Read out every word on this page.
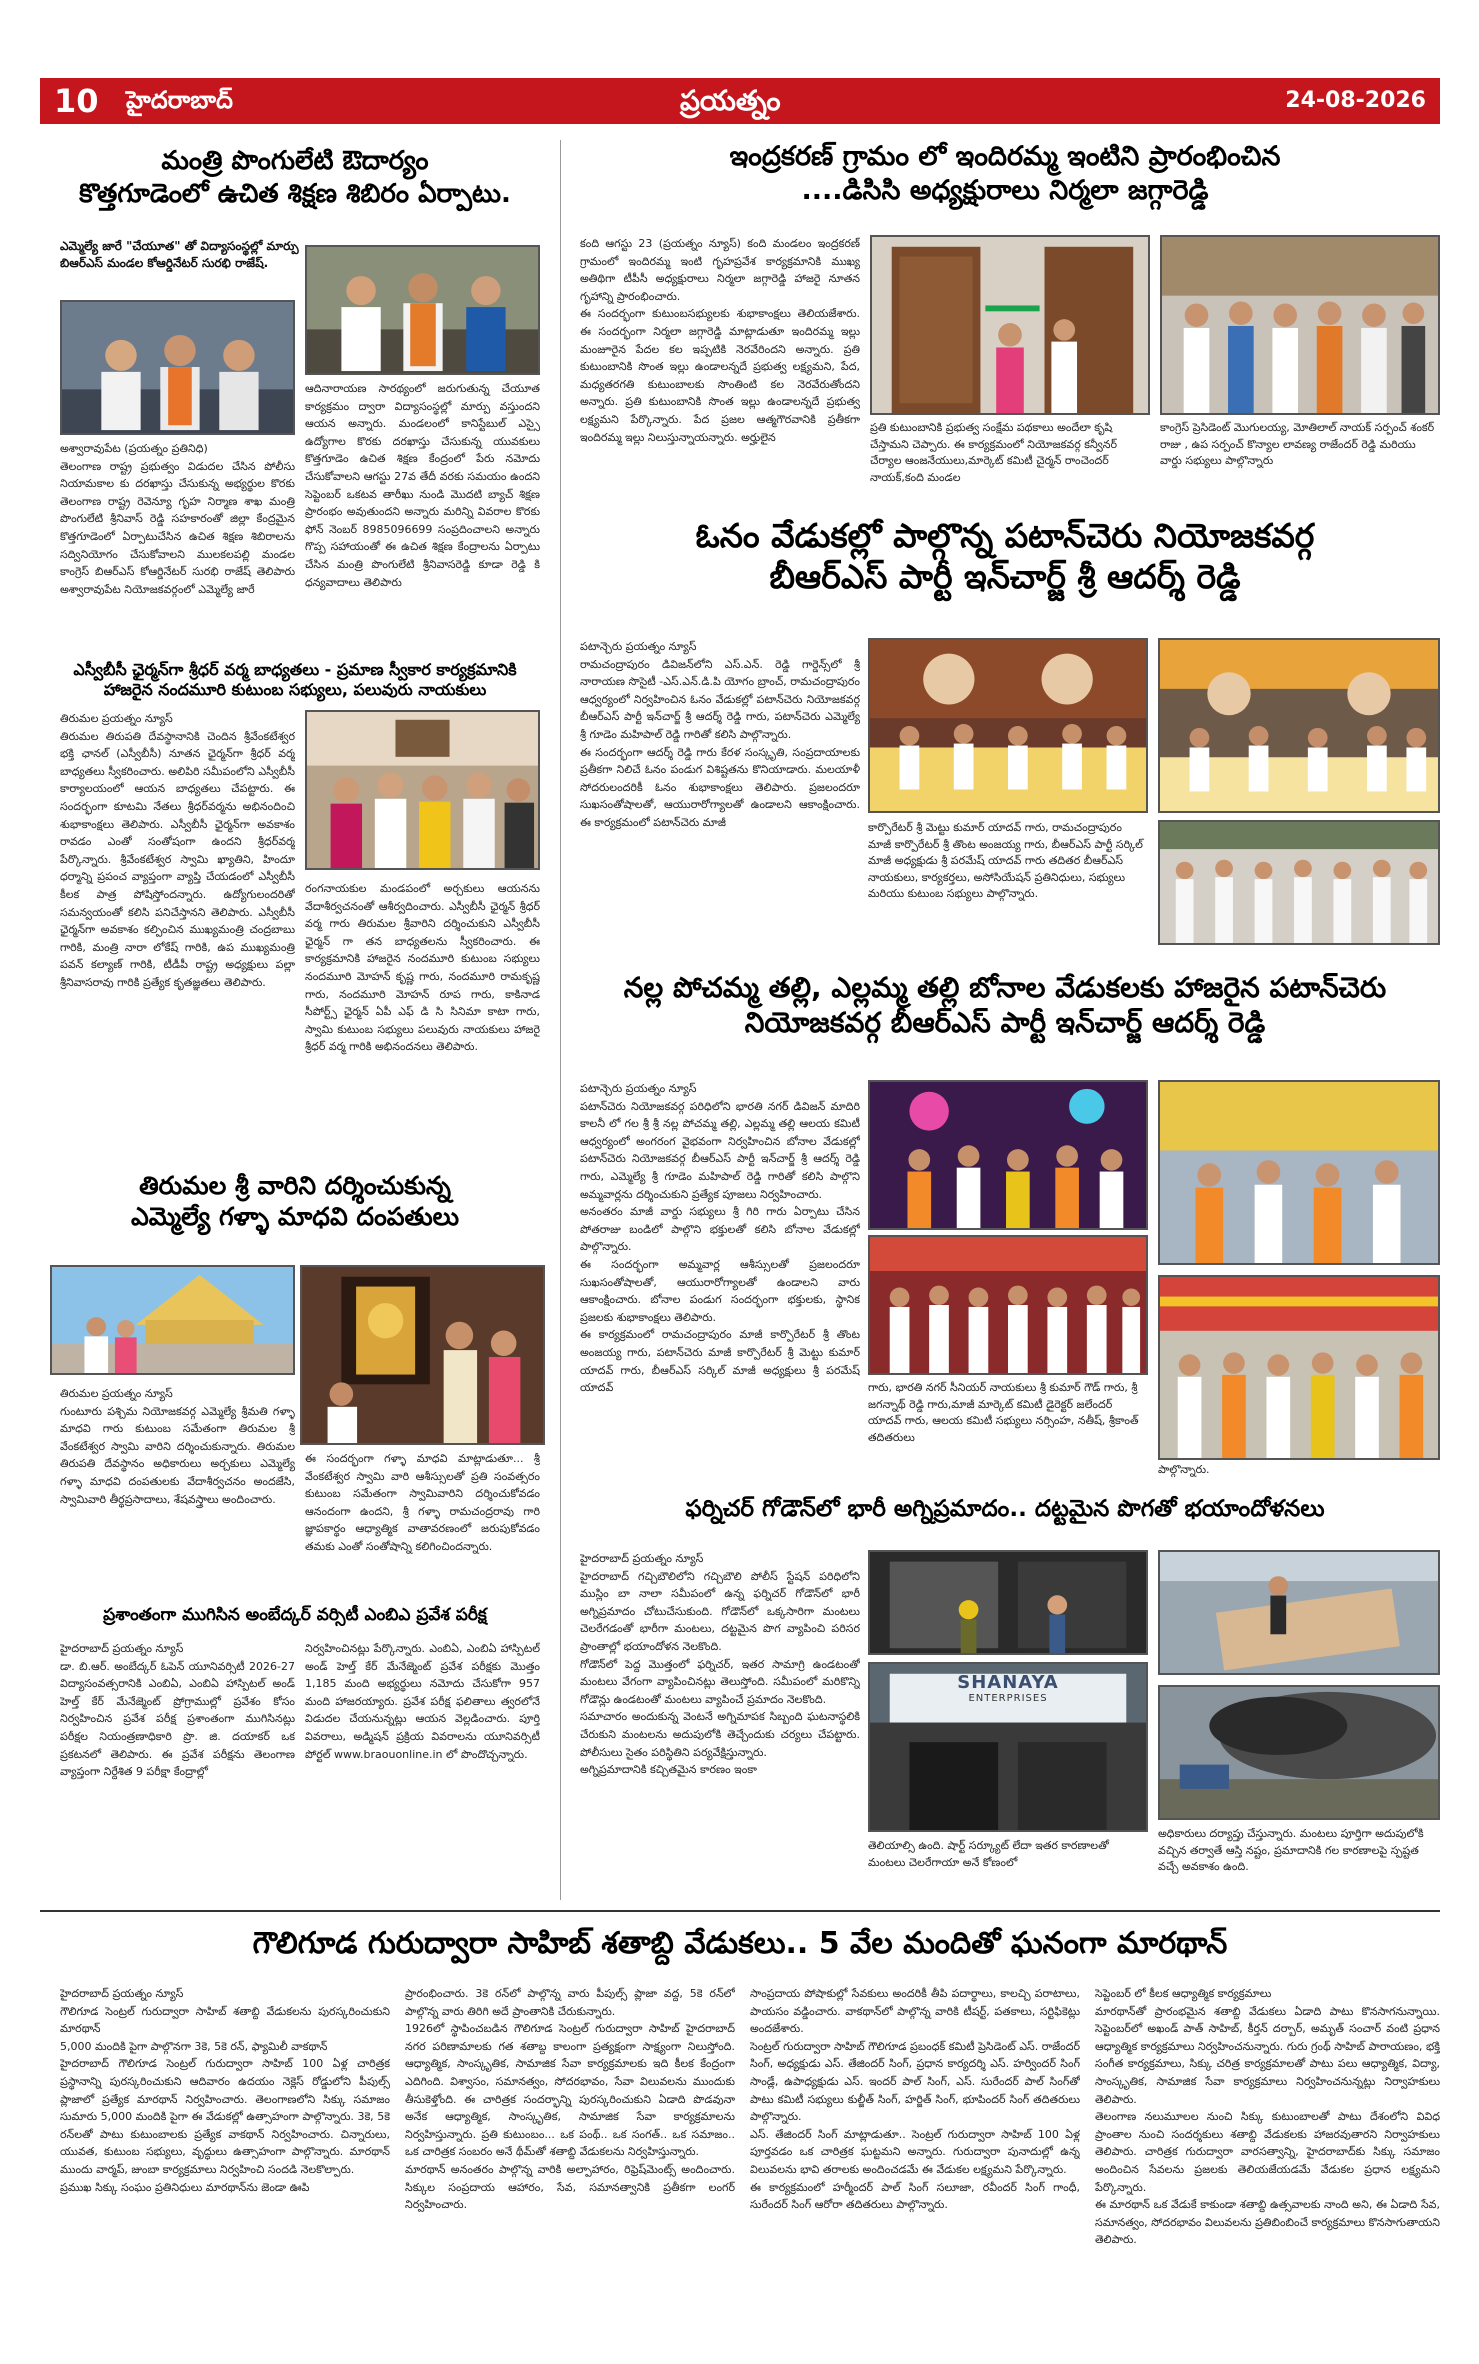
10 హైదరాబాద్	ప్రయత్నం	24-08-2026
మంత్రి పొంగులేటి ఔదార్యం
కొత్తగూడెంలో ఉచిత శిక్షణ శిబిరం ఏర్పాటు.
ఎమ్మెల్యే జారే "చేయూత" తో విద్యాసంస్థల్లో మార్పు
బిఆర్ఎస్ మండల కోఆర్డినేటర్ సురభి రాజేష్.
అశ్వారావుపేట (ప్రయత్నం ప్రతినిధి)
తెలంగాణ రాష్ట్ర ప్రభుత్వం విడుదల చేసిన పోలీసు నియామకాల కు దరఖాస్తు చేసుకున్న అభ్యర్థుల కొరకు తెలంగాణ రాష్ట్ర రెవెన్యూ గృహ నిర్మాణ శాఖ మంత్రి పొంగులేటి శ్రీనివాస్ రెడ్డి సహకారంతో జిల్లా కేంద్రమైన కొత్తగూడెంలో ఏర్పాటుచేసిన ఉచిత శిక్షణ శిబిరాలను సద్వినియోగం చేసుకోవాలని ములకలపల్లి మండల కాంగ్రెస్ బిఆర్ఎస్ కోఆర్డినేటర్ సురభి రాజేష్ తెలిపారు అశ్వారావుపేట నియోజకవర్గంలో ఎమ్మెల్యే జారే
ఆదినారాయణ సారథ్యంలో జరుగుతున్న చేయూత కార్యక్రమం ద్వారా విద్యాసంస్థల్లో మార్పు వస్తుందని ఆయన అన్నారు. మండలంలో కానిస్టేబుల్ ఎస్సై ఉద్యోగాల కొరకు దరఖాస్తు చేసుకున్న యువకులు కొత్తగూడెం ఉచిత శిక్షణ కేంద్రంలో పేరు నమోదు చేసుకోవాలని ఆగస్టు 27వ తేదీ వరకు సమయం ఉందని సెప్టెంబర్ ఒకటవ తారీఖు నుండి మొదటి బ్యాచ్ శిక్షణ ప్రారంభం అవుతుందని అన్నారు మరిన్ని వివరాల కొరకు ఫోన్ నెంబర్ 8985096699 సంప్రదించాలని అన్నారు గొప్ప సహాయంతో ఈ ఉచిత శిక్షణ కేంద్రాలను ఏర్పాటు చేసిన మంత్రి పొంగులేటి శ్రీనివాసరెడ్డి కూడా రెడ్డి కి ధన్యవాదాలు తెలిపారు
ఎస్వీబీసీ ఛైర్మన్‌గా శ్రీధర్ వర్మ బాధ్యతలు - ప్రమాణ స్వీకార కార్యక్రమానికి
హాజరైన నందమూరి కుటుంబ సభ్యులు, పలువురు నాయకులు
తిరుమల ప్రయత్నం న్యూస్
తిరుమల తిరుపతి దేవస్థానానికి చెందిన శ్రీవేంకటేశ్వర భక్తి ఛానల్ (ఎస్వీబీసీ) నూతన ఛైర్మన్‌గా శ్రీధర్ వర్మ బాధ్యతలు స్వీకరించారు. అలిపిరి సమీపంలోని ఎస్వీబీసీ కార్యాలయంలో ఆయన బాధ్యతలు చేపట్టారు. ఈ సందర్భంగా కూటమి నేతలు శ్రీధర్‌వర్మను అభినందించి శుభాకాంక్షలు తెలిపారు. ఎస్వీబీసీ ఛైర్మన్‌గా అవకాశం రావడం ఎంతో సంతోషంగా ఉందని శ్రీధర్‌వర్మ పేర్కొన్నారు. శ్రీవేంకటేశ్వర స్వామి ఖ్యాతిని, హిందూ ధర్మాన్ని ప్రపంచ వ్యాప్తంగా వ్యాప్తి చేయడంలో ఎస్వీబీసీ కీలక పాత్ర పోషిస్తోందన్నారు. ఉద్యోగులందరితో సమన్వయంతో కలిసి పనిచేస్తానని తెలిపారు. ఎస్వీబీసీ ఛైర్మన్‌గా అవకాశం కల్పించిన ముఖ్యమంత్రి చంద్రబాబు గారికి, మంత్రి నారా లోకేష్ గారికి, ఉప ముఖ్యమంత్రి పవన్ కల్యాణ్ గారికి, టీడీపీ రాష్ట్ర అధ్యక్షులు పల్లా శ్రీనివాసరావు గారికి ప్రత్యేక కృతజ్ఞతలు తెలిపారు.
రంగనాయకుల మండపంలో అర్చకులు ఆయనను వేదాశీర్వచనంతో ఆశీర్వదించారు. ఎస్వీబీసీ ఛైర్మన్ శ్రీధర్ వర్మ గారు తిరుమల శ్రీవారిని దర్శించుకుని ఎస్వీబీసీ ఛైర్మన్ గా తన బాధ్యతలను స్వీకరించారు. ఈ కార్యక్రమానికి హాజరైన నందమూరి కుటుంబ సభ్యులు నందమూరి మోహన్ కృష్ణ గారు, నందమూరి రామకృష్ణ గారు, నందమూరి మోహన్ రూప గారు, కాకినాడ సీపోర్ట్స్ ఛైర్మన్ ఏపీ ఎఫ్ డి సి సినిమా కాటా గారు, స్వామి కుటుంబ సభ్యులు పలువురు నాయకులు హాజరై శ్రీధర్ వర్మ గారికి అభినందనలు తెలిపారు.
తిరుమల శ్రీ వారిని దర్శించుకున్న
ఎమ్మెల్యే గళ్ళా మాధవి దంపతులు
తిరుమల ప్రయత్నం న్యూస్
గుంటూరు పశ్చిమ నియోజకవర్గ ఎమ్మెల్యే శ్రీమతి గళ్ళా మాధవి గారు కుటుంబ సమేతంగా తిరుమల శ్రీ వేంకటేశ్వర స్వామి వారిని దర్శించుకున్నారు. తిరుమల తిరుపతి దేవస్థానం అధికారులు అర్చకులు ఎమ్మెల్యే గళ్ళా మాధవి దంపతులకు వేదాశీర్వచనం అందజేసి, స్వామివారి తీర్థప్రసాదాలు, శేషవస్త్రాలు అందించారు.
ఈ సందర్భంగా గళ్ళా మాధవి మాట్లాడుతూ... శ్రీ వేంకటేశ్వర స్వామి వారి ఆశీస్సులతో ప్రతి సంవత్సరం కుటుంబ సమేతంగా స్వామివారిని దర్శించుకోవడం ఆనందంగా ఉందని, శ్రీ గళ్ళా రామచంద్రరావు గారి జ్ఞాపకార్థం ఆధ్యాత్మిక వాతావరణంలో జరుపుకోవడం తమకు ఎంతో సంతోషాన్ని కలిగించిందన్నారు.
ప్రశాంతంగా ముగిసిన అంబేద్కర్ వర్సిటీ ఎంబిఎ ప్రవేశ పరీక్ష
హైదరాబాద్ ప్రయత్నం న్యూస్
డా. బి.ఆర్. అంబేద్కర్ ఓపెన్ యూనివర్సిటీ 2026-27 విద్యాసంవత్సరానికి ఎంబిఏ, ఎంబిఏ హాస్పిటల్ అండ్ హెల్త్ కేర్ మేనేజ్మెంట్ ప్రోగ్రాముల్లో ప్రవేశం కోసం నిర్వహించిన ప్రవేశ పరీక్ష ప్రశాంతంగా ముగిసినట్లు పరీక్షల నియంత్రణాధికారి ప్రొ. జి. దయాకర్ ఒక ప్రకటనలో తెలిపారు. ఈ ప్రవేశ పరీక్షను తెలంగాణ వ్యాప్తంగా నిర్దేశిత 9 పరీక్షా కేంద్రాల్లో
నిర్వహించినట్లు పేర్కొన్నారు. ఎంబిఏ, ఎంబిఏ హాస్పిటల్ అండ్ హెల్త్ కేర్ మేనేజ్మెంట్ ప్రవేశ పరీక్షకు మొత్తం 1,185 మంది అభ్యర్థులు నమోదు చేసుకోగా 957 మంది హాజరయ్యారు. ప్రవేశ పరీక్ష ఫలితాలు త్వరలోనే విడుదల చేయనున్నట్లు ఆయన వెల్లడించారు. పూర్తి వివరాలు, అడ్మిషన్ ప్రక్రియ వివరాలను యూనివర్సిటీ పోర్టల్ www.braouonline.in లో పొందొచ్చన్నారు.
ఇంద్రకరణ్ గ్రామం లో ఇందిరమ్మ ఇంటిని ప్రారంభించిన
....డిసిసి అధ్యక్షురాలు నిర్మలా జగ్గారెడ్డి
కంది ఆగస్టు 23 (ప్రయత్నం న్యూస్) కంది మండలం ఇంద్రకరణ్ గ్రామంలో ఇందిరమ్మ ఇంటి గృహప్రవేశ కార్యక్రమానికి ముఖ్య అతిథిగా టీపీసీ అధ్యక్షురాలు నిర్మలా జగ్గారెడ్డి హాజరై నూతన గృహాన్ని ప్రారంభించారు.
ఈ సందర్భంగా కుటుంబసభ్యులకు శుభాకాంక్షలు తెలియజేశారు. ఈ సందర్భంగా నిర్మలా జగ్గారెడ్డి మాట్లాడుతూ ఇందిరమ్మ ఇల్లు మంజూరైన పేదల కల ఇప్పటికి నెరవేరిందని అన్నారు. ప్రతి కుటుంబానికి సొంత ఇల్లు ఉండాలన్నదే ప్రభుత్వ లక్ష్యమని, పేద, మధ్యతరగతి కుటుంబాలకు సొంతింటి కల నెరవేరుతోందని అన్నారు. ప్రతి కుటుంబానికి సొంత ఇల్లు ఉండాలన్నదే ప్రభుత్వ లక్ష్యమని పేర్కొన్నారు. పేద ప్రజల ఆత్మగౌరవానికి ప్రతీకగా ఇందిరమ్మ ఇల్లు నిలుస్తున్నాయన్నారు. అర్హులైన
ప్రతి కుటుంబానికి ప్రభుత్వ సంక్షేమ పథకాలు అందేలా కృషి చేస్తామని చెప్పారు. ఈ కార్యక్రమంలో నియోజకవర్గ కన్వీనర్ చేర్యాల ఆంజనేయులు,మార్కెట్ కమిటీ చైర్మన్ రాంచెందర్ నాయక్,కంది మండల
కాంగ్రెస్ ప్రెసిడెంట్ మొగులయ్య, మోతిలాల్ నాయక్ సర్పంచ్ శంకర్ రాజు , ఉప సర్పంచ్ కొన్యాల లావణ్య రాజేందర్ రెడ్డి మరియు వార్డు సభ్యులు పాల్గొన్నారు
ఓనం వేడుకల్లో పాల్గొన్న పటాన్‌చెరు నియోజకవర్గ
బీఆర్ఎస్ పార్టీ ఇన్‌చార్జ్ శ్రీ ఆదర్శ్ రెడ్డి
పటాన్చెరు ప్రయత్నం న్యూస్
రామచంద్రాపురం డివిజన్‌లోని ఎస్.ఎన్. రెడ్డి గార్డెన్స్‌లో శ్రీ నారాయణ సొసైటీ -ఎస్.ఎన్.డి.పి యోగం బ్రాంచ్, రామచంద్రాపురం ఆధ్వర్యంలో నిర్వహించిన ఓనం వేడుకల్లో పటాన్‌చెరు నియోజకవర్గ బీఆర్ఎస్ పార్టీ ఇన్‌చార్జ్ శ్రీ ఆదర్శ్ రెడ్డి గారు, పటాన్‌చెరు ఎమ్మెల్యే శ్రీ గూడెం మహిపాల్ రెడ్డి గారితో కలిసి పాల్గొన్నారు.
ఈ సందర్భంగా ఆదర్శ్ రెడ్డి గారు కేరళ సంస్కృతి, సంప్రదాయాలకు ప్రతీకగా నిలిచే ఓనం పండుగ విశిష్టతను కొనియాడారు. మలయాళీ సోదరులందరికీ ఓనం శుభాకాంక్షలు తెలిపారు. ప్రజలందరూ సుఖసంతోషాలతో, ఆయురారోగ్యాలతో ఉండాలని ఆకాంక్షించారు. ఈ కార్యక్రమంలో పటాన్‌చెరు మాజీ	కార్పొరేటర్ శ్రీ మెట్టు కుమార్ యాదవ్ గారు, రామచంద్రాపురం మాజీ కార్పొరేటర్ శ్రీ తొంట అంజయ్య గారు, బీఆర్ఎస్ పార్టీ సర్కిల్ మాజీ అధ్యక్షుడు శ్రీ పరమేష్ యాదవ్ గారు తదితర బీఆర్ఎస్ నాయకులు, కార్యకర్తలు, అసోసియేషన్ ప్రతినిధులు, సభ్యులు మరియు కుటుంబ సభ్యులు పాల్గొన్నారు.
నల్ల పోచమ్మ తల్లి, ఎల్లమ్మ తల్లి బోనాల వేడుకలకు హాజరైన పటాన్‌చెరు
నియోజకవర్గ బీఆర్ఎస్ పార్టీ ఇన్‌చార్జ్ ఆదర్శ్ రెడ్డి
పటాన్చెరు ప్రయత్నం న్యూస్
పటాన్‌చెరు నియోజకవర్గ పరిధిలోని భారతి నగర్ డివిజన్ మాదిరి కాలనీ లో గల శ్రీ శ్రీ నల్ల పోచమ్మ తల్లి, ఎల్లమ్మ తల్లి ఆలయ కమిటీ ఆధ్వర్యంలో అంగరంగ వైభవంగా నిర్వహించిన బోనాల వేడుకల్లో పటాన్‌చెరు నియోజకవర్గ బీఆర్ఎస్ పార్టీ ఇన్‌చార్జ్ శ్రీ ఆదర్శ్ రెడ్డి గారు, ఎమ్మెల్యే శ్రీ గూడెం మహిపాల్ రెడ్డి గారితో కలిసి పాల్గొని అమ్మవార్లను దర్శించుకుని ప్రత్యేక పూజలు నిర్వహించారు.
అనంతరం మాజీ వార్డు సభ్యులు శ్రీ గిరి గారు ఏర్పాటు చేసిన పోతరాజు బండిలో పాల్గొని భక్తులతో కలిసి బోనాల వేడుకల్లో పాల్గొన్నారు.
ఈ సందర్భంగా అమ్మవార్ల ఆశీస్సులతో ప్రజలందరూ సుఖసంతోషాలతో, ఆయురారోగ్యాలతో ఉండాలని వారు ఆకాంక్షించారు. బోనాల పండుగ సందర్భంగా భక్తులకు, స్థానిక ప్రజలకు శుభాకాంక్షలు తెలిపారు.
ఈ కార్యక్రమంలో రామచంద్రాపురం మాజీ కార్పొరేటర్ శ్రీ తొంట అంజయ్య గారు, పటాన్‌చెరు మాజీ కార్పొరేటర్ శ్రీ మెట్టు కుమార్ యాదవ్ గారు, బీఆర్ఎస్ సర్కిల్ మాజీ అధ్యక్షులు శ్రీ పరమేష్ యాదవ్	గారు, భారతి నగర్ సీనియర్ నాయకులు శ్రీ కుమార్ గౌడ్ గారు, శ్రీ జగన్నాథ్ రెడ్డి గారు,మాజీ మార్కెట్ కమిటీ డైరెక్టర్ జలేందర్ యాదవ్ గారు, ఆలయ కమిటీ సభ్యులు నర్సింహ, నతీష్, శ్రీకాంత్ తదితరులు
పాల్గొన్నారు.
ఫర్నిచర్ గోడౌన్‌లో భారీ అగ్నిప్రమాదం.. దట్టమైన పొగతో భయాందోళనలు
హైదరాబాద్ ప్రయత్నం న్యూస్
హైదరాబాద్ గచ్చిబౌలిలోని గచ్చిబౌలి పోలీస్ స్టేషన్ పరిధిలోని ముస్లిం బా నాలా సమీపంలో ఉన్న ఫర్నిచర్ గోడౌన్‌లో భారీ అగ్నిప్రమాదం చోటుచేసుకుంది. గోడౌన్‌లో ఒక్కసారిగా మంటలు చెలరేగడంతో భారీగా మంటలు, దట్టమైన పొగ వ్యాపించి పరిసర ప్రాంతాల్లో భయాందోళన నెలకొంది.
గోడౌన్‌లో పెద్ద మొత్తంలో ఫర్నిచర్, ఇతర సామాగ్రి ఉండటంతో మంటలు వేగంగా వ్యాపించినట్లు తెలుస్తోంది. సమీపంలో మరికొన్ని గోడౌన్లు ఉండటంతో మంటలు వ్యాపించే ప్రమాదం నెలకొంది.
సమాచారం అందుకున్న వెంటనే అగ్నిమాపక సిబ్బంది ఘటనాస్థలికి చేరుకుని మంటలను అదుపులోకి తెచ్చేందుకు చర్యలు చేపట్టారు. పోలీసులు సైతం పరిస్థితిని పర్యవేక్షిస్తున్నారు.
అగ్నిప్రమాదానికి కచ్చితమైన కారణం ఇంకా
SHANAYA
ENTERPRISES
తెలియాల్సి ఉంది. షార్ట్ సర్క్యూట్ లేదా ఇతర కారణాలతో మంటలు చెలరేగాయా అనే కోణంలో
అధికారులు దర్యాప్తు చేస్తున్నారు. మంటలు పూర్తిగా అదుపులోకి వచ్చిన తర్వాతే ఆస్తి నష్టం, ప్రమాదానికి గల కారణాలపై స్పష్టత వచ్చే అవకాశం ఉంది.
గౌలిగూడ గురుద్వారా సాహిబ్ శతాబ్ది వేడుకలు.. 5 వేల మందితో ఘనంగా మారథాన్
హైదరాబాద్ ప్రయత్నం న్యూస్
గౌలిగూడ సెంట్రల్ గురుద్వారా సాహిబ్ శతాబ్ది వేడుకలను పురస్కరించుకుని మారథాన్
5,000 మందికి పైగా పాల్గొనగా 3కె, 5కె రన్, ఫ్యామిలీ వాకథాన్
హైదరాబాద్ గౌలిగూడ సెంట్రల్ గురుద్వారా సాహిబ్ 100 ఏళ్ల చారిత్రక ప్రస్థానాన్ని పురస్కరించుకుని ఆదివారం ఉదయం నెక్లెస్ రోడ్డులోని పీపుల్స్ ప్లాజాలో ప్రత్యేక మారథాన్ నిర్వహించారు. తెలంగాణలోని సిక్కు సమాజం సుమారు 5,000 మందికి పైగా ఈ వేడుకల్లో ఉత్సాహంగా పాల్గొన్నారు. 3కె, 5కె రన్‌లతో పాటు కుటుంబాలకు ప్రత్యేక వాకథాన్ నిర్వహించారు. చిన్నారులు, యువత, కుటుంబ సభ్యులు, వృద్ధులు ఉత్సాహంగా పాల్గొన్నారు. మారథాన్ ముందు వార్మప్, జుంబా కార్యక్రమాలు నిర్వహించి సందడి నెలకొల్పారు.
ప్రముఖ సిక్కు సంఘం ప్రతినిధులు మారథాన్‌ను జెండా ఊపి
ప్రారంభించారు. 3కె రన్‌లో పాల్గొన్న వారు పీపుల్స్ ప్లాజా వద్ద, 5కె రన్‌లో పాల్గొన్న వారు తిరిగి అదే ప్రాంతానికి చేరుకున్నారు.
1926లో స్థాపించబడిన గౌలిగూడ సెంట్రల్ గురుద్వారా సాహిబ్ హైదరాబాద్ నగర పరిణామాలకు గత శతాబ్ద కాలంగా ప్రత్యక్షంగా సాక్ష్యంగా నిలుస్తోంది. ఆధ్యాత్మిక, సాంస్కృతిక, సామాజిక సేవా కార్యక్రమాలకు ఇది కీలక కేంద్రంగా ఎదిగింది. విశ్వాసం, సమానత్వం, సోదరభావం, సేవా విలువలను ముందుకు తీసుకెళ్తోంది. ఈ చారిత్రక సందర్భాన్ని పురస్కరించుకుని ఏడాది పొడవునా అనేక ఆధ్యాత్మిక, సాంస్కృతిక, సామాజిక సేవా కార్యక్రమాలను నిర్వహిస్తున్నారు. ప్రతి కుటుంబం... ఒక పంథ్.. ఒక సంగత్.. ఒక సమాజం.. ఒక చారిత్రక సంబరం అనే థీమ్‌తో శతాబ్ది వేడుకలను నిర్వహిస్తున్నారు.
మారథాన్ అనంతరం పాల్గొన్న వారికి అల్పాహారం, రిఫ్రెష్‌మెంట్స్ అందించారు. సిక్కుల సంప్రదాయ ఆహారం, సేవ, సమానత్వానికి ప్రతీకగా లంగర్ నిర్వహించారు.
సాంప్రదాయ పోషాకుల్లో సేవకులు అందరికీ తీపి పదార్థాలు, కాలచ్చి పరాటాలు, పాయసం వడ్డించారు. వాకథాన్‌లో పాల్గొన్న వారికి టీషర్ట్, పతకాలు, సర్టిఫికెట్లు అందజేశారు.
సెంట్రల్ గురుద్వారా సాహిబ్ గౌలిగూడ ప్రబంధక్ కమిటీ ప్రెసిడెంట్ ఎస్. రాజేందర్ సింగ్, అధ్యక్షుడు ఎస్. తేజిందర్ సింగ్, ప్రధాన కార్యదర్శి ఎస్. హర్విందర్ సింగ్ సాండ్లే, ఉపాధ్యక్షుడు ఎస్. ఇందర్ పాల్ సింగ్, ఎస్. సురేందర్ పాల్ సింగ్‌తో పాటు కమిటీ సభ్యులు కుల్జీత్ సింగ్, హర్జిత్ సింగ్, భూపిందర్ సింగ్ తదితరులు పాల్గొన్నారు.
ఎస్. తేజిందర్ సింగ్ మాట్లాడుతూ.. సెంట్రల్ గురుద్వారా సాహిబ్ 100 ఏళ్ల పూర్తవడం ఒక చారిత్రక ఘట్టమని అన్నారు. గురుద్వారా పునాదుల్లో ఉన్న విలువలను భావి తరాలకు అందించడమే ఈ వేడుకల లక్ష్యమని పేర్కొన్నారు.
ఈ కార్యక్రమంలో హర్మీందర్ పాల్ సింగ్ సలూజా, రవీందర్ సింగ్ గాంధీ, సురేందర్ సింగ్ ఆరోరా తదితరులు పాల్గొన్నారు.
సెప్టెంబర్ లో కీలక ఆధ్యాత్మిక కార్యక్రమాలు
మారథాన్‌తో ప్రారంభమైన శతాబ్ది వేడుకలు ఏడాది పాటు కొనసాగనున్నాయి. సెప్టెంబర్‌లో అఖండ్ పాత్ సాహిబ్, కీర్తన్ దర్బార్, అమృత్ సంచార్ వంటి ప్రధాన ఆధ్యాత్మిక కార్యక్రమాలు నిర్వహించనున్నారు. గురు గ్రంథ్ సాహిబ్ పారాయణం, భక్తి సంగీత కార్యక్రమాలు, సిక్కు చరిత్ర కార్యక్రమాలతో పాటు పలు ఆధ్యాత్మిక, విద్యా, సాంస్కృతిక, సామాజిక సేవా కార్యక్రమాలు నిర్వహించనున్నట్లు నిర్వాహకులు తెలిపారు.
తెలంగాణ నలుమూలల నుంచి సిక్కు కుటుంబాలతో పాటు దేశంలోని వివిధ ప్రాంతాల నుంచి సందర్శకులు శతాబ్ది వేడుకలకు హాజరవుతారని నిర్వాహకులు తెలిపారు. చారిత్రక గురుద్వారా వారసత్వాన్ని, హైదరాబాద్‌కు సిక్కు సమాజం అందించిన సేవలను ప్రజలకు తెలియజేయడమే వేడుకల ప్రధాన లక్ష్యమని పేర్కొన్నారు.
ఈ మారథాన్ ఒక వేడుకే కాకుండా శతాబ్ది ఉత్సవాలకు నాంది అని, ఈ ఏడాది సేవ, సమానత్వం, సోదరభావం విలువలను ప్రతిబింబించే కార్యక్రమాలు కొనసాగుతాయని తెలిపారు.
